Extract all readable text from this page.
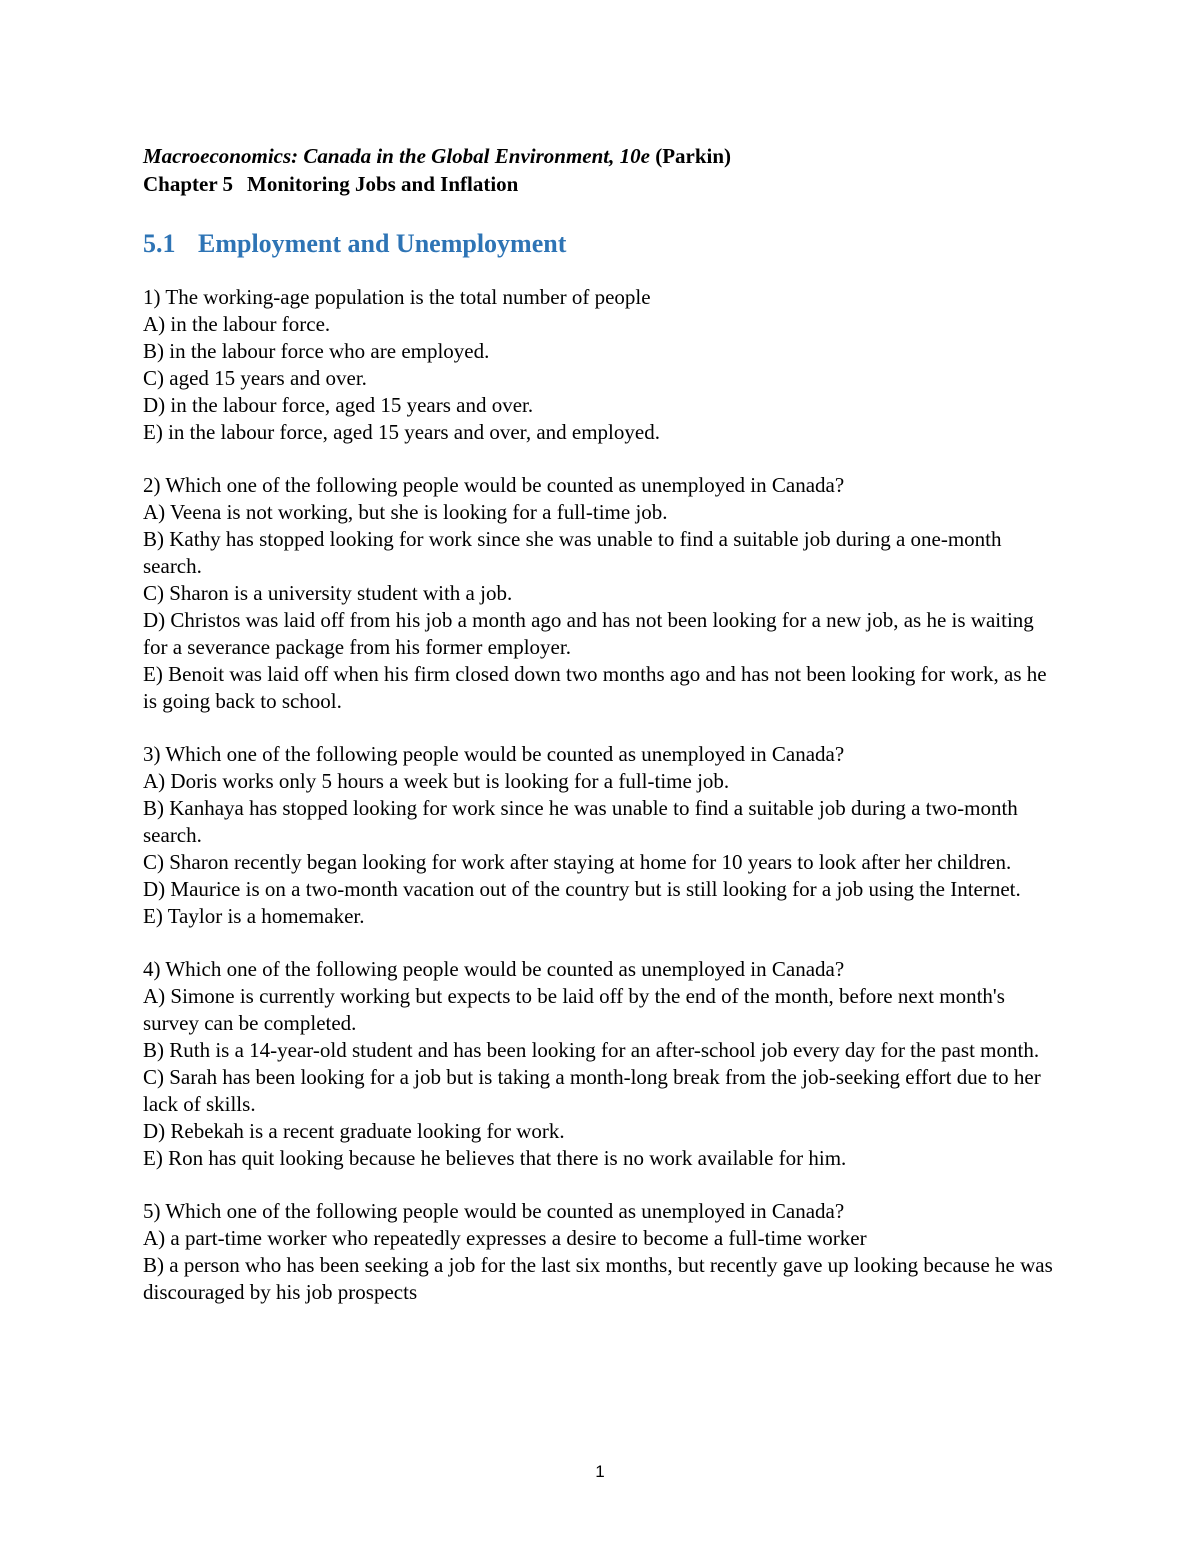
Macroeconomics: Canada in the Global Environment, 10e (Parkin)

Chapter 5 Monitoring Jobs and Inflation

5.1 Employment and Unemployment

1) The working-age population is the total number of people

A) in the labour force.

B) in the labour force who are employed.

C) aged 15 years and over.

D) in the labour force, aged 15 years and over.

E) in the labour force, aged 15 years and over, and employed.

2) Which one of the following people would be counted as unemployed in Canada?

A) Veena is not working, but she is looking for a full-time job.

B) Kathy has stopped looking for work since she was unable to find a suitable job during a one-month search.

C) Sharon is a university student with a job.

D) Christos was laid off from his job a month ago and has not been looking for a new job, as he is waiting for a severance package from his former employer.

E) Benoit was laid off when his firm closed down two months ago and has not been looking for work, as he is going back to school.

3) Which one of the following people would be counted as unemployed in Canada?

A) Doris works only 5 hours a week but is looking for a full-time job.

B) Kanhaya has stopped looking for work since he was unable to find a suitable job during a two-month search.

C) Sharon recently began looking for work after staying at home for 10 years to look after her children.

D) Maurice is on a two-month vacation out of the country but is still looking for a job using the Internet.

E) Taylor is a homemaker.

4) Which one of the following people would be counted as unemployed in Canada?

A) Simone is currently working but expects to be laid off by the end of the month, before next month's survey can be completed.

B) Ruth is a 14-year-old student and has been looking for an after-school job every day for the past month.

C) Sarah has been looking for a job but is taking a month-long break from the job-seeking effort due to her lack of skills.

D) Rebekah is a recent graduate looking for work.

E) Ron has quit looking because he believes that there is no work available for him.

5) Which one of the following people would be counted as unemployed in Canada?

A) a part-time worker who repeatedly expresses a desire to become a full-time worker

B) a person who has been seeking a job for the last six months, but recently gave up looking because he was discouraged by his job prospects

1
